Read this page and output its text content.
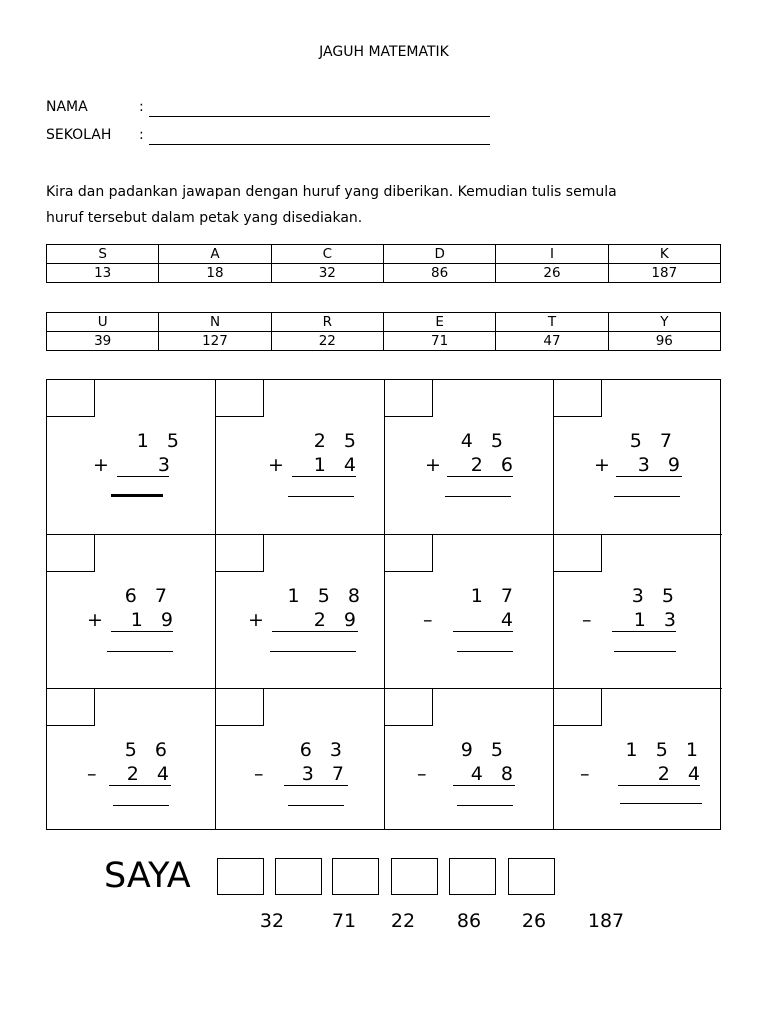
JAGUH MATEMATIK
NAMA	:
SEKOLAH :
Kira dan padankan jawapan dengan huruf yang diberikan. Kemudian tulis semula
huruf tersebut dalam petak yang disediakan.
S	A	C	D	I	K
13	18	32	86	26	187
U	N	R	E	T	Y
39	127	22	71	47	96
1   5
+	3
2   5
+ 1   4
4   5
+ 2   6
5   7
+ 3   9
6   7
+ 1   9
1   5   8
+	2   9
1   7
–	4
3   5
– 1   3
5   6
– 2   4
6   3
– 3   7
9   5
– 4   8
1   5   1
–	2   4
SAYA
32	71	22	86	26	187
